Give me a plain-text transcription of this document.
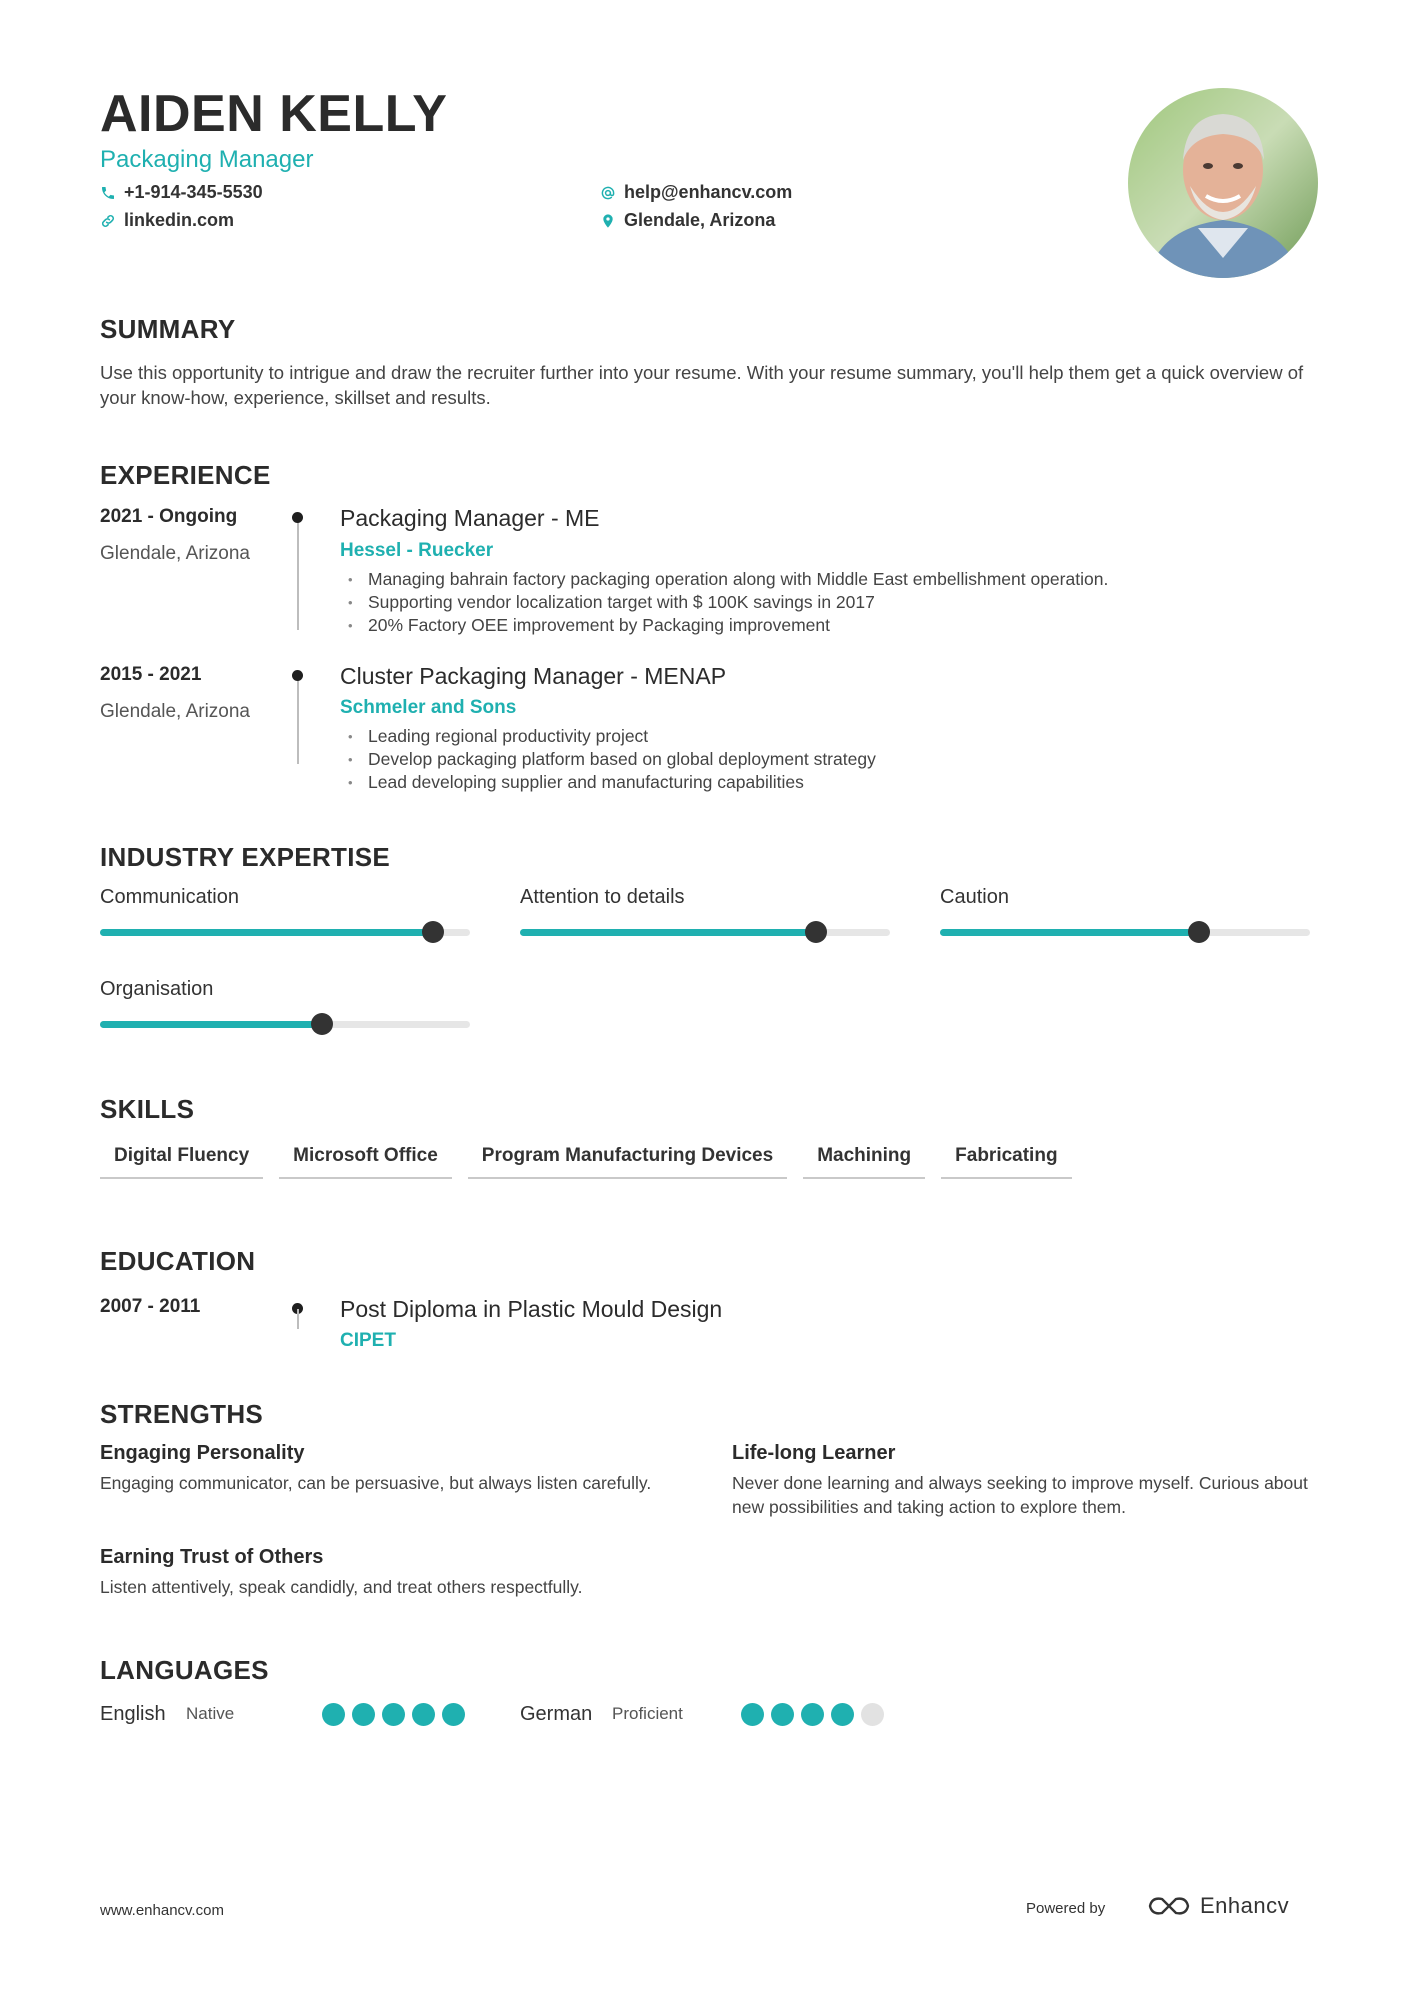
AIDEN KELLY
Packaging Manager
+1-914-345-5530
linkedin.com
help@enhancv.com
Glendale, Arizona
SUMMARY
Use this opportunity to intrigue and draw the recruiter further into your resume. With your resume summary, you'll help them get a quick overview of your know-how, experience, skillset and results.
EXPERIENCE
2021 - Ongoing
Glendale, Arizona
Packaging Manager - ME
Hessel - Ruecker
• Managing bahrain factory packaging operation along with Middle East embellishment operation.
• Supporting vendor localization target with $ 100K savings in 2017
• 20% Factory OEE improvement by Packaging improvement
2015 - 2021
Glendale, Arizona
Cluster Packaging Manager - MENAP
Schmeler and Sons
• Leading regional productivity project
• Develop packaging platform based on global deployment strategy
• Lead developing supplier and manufacturing capabilities
INDUSTRY EXPERTISE
Communication	Attention to details	Caution
Organisation
SKILLS
Digital Fluency	Microsoft Office	Program Manufacturing Devices	Machining	Fabricating
EDUCATION
2007 - 2011	Post Diploma in Plastic Mould Design
CIPET
STRENGTHS
Engaging Personality
Engaging communicator, can be persuasive, but always listen carefully.
Life-long Learner
Never done learning and always seeking to improve myself. Curious about new possibilities and taking action to explore them.
Earning Trust of Others
Listen attentively, speak candidly, and treat others respectfully.
LANGUAGES
English Native	German Proficient
www.enhancv.com	Powered by	Enhancv
